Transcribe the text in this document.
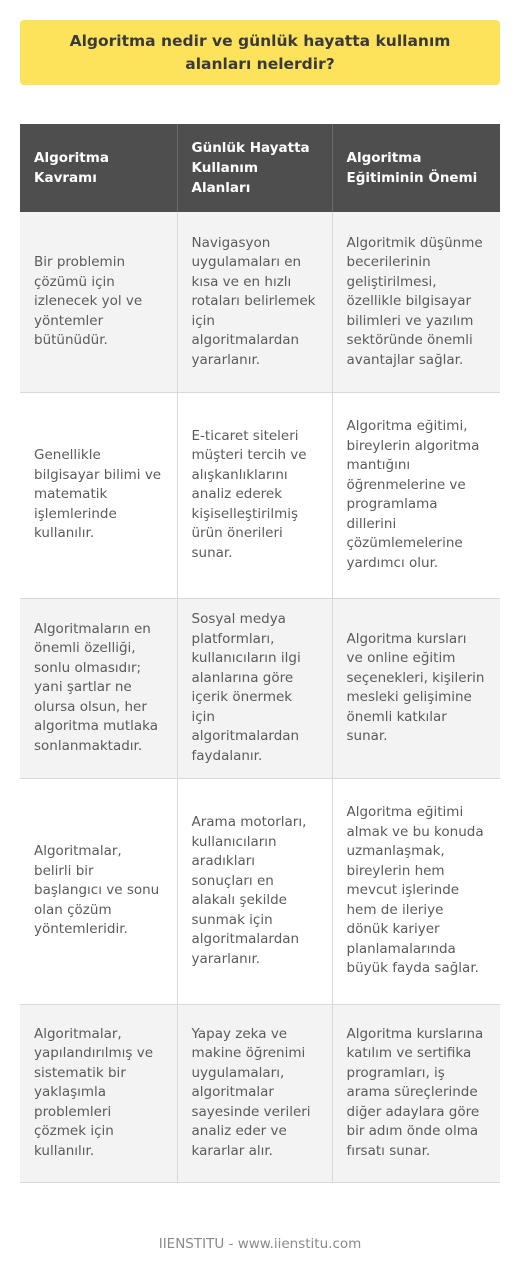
Algoritma nedir ve günlük hayatta kullanım alanları nelerdir?
Algoritma Kavramı	Günlük Hayatta Kullanım Alanları	Algoritma Eğitiminin Önemi
Bir problemin çözümü için izlenecek yol ve yöntemler bütünüdür.	Navigasyon uygulamaları en kısa ve en hızlı rotaları belirlemek için algoritmalardan yararlanır.	Algoritmik düşünme becerilerinin geliştirilmesi, özellikle bilgisayar bilimleri ve yazılım sektöründe önemli avantajlar sağlar.
Genellikle bilgisayar bilimi ve matematik işlemlerinde kullanılır.	E-ticaret siteleri müşteri tercih ve alışkanlıklarını analiz ederek kişiselleştirilmiş ürün önerileri sunar.	Algoritma eğitimi, bireylerin algoritma mantığını öğrenmelerine ve programlama dillerini çözümlemelerine yardımcı olur.
Algoritmaların en önemli özelliği, sonlu olmasıdır; yani şartlar ne olursa olsun, her algoritma mutlaka sonlanmaktadır.	Sosyal medya platformları, kullanıcıların ilgi alanlarına göre içerik önermek için algoritmalardan faydalanır.	Algoritma kursları ve online eğitim seçenekleri, kişilerin mesleki gelişimine önemli katkılar sunar.
Algoritmalar, belirli bir başlangıcı ve sonu olan çözüm yöntemleridir.	Arama motorları, kullanıcıların aradıkları sonuçları en alakalı şekilde sunmak için algoritmalardan yararlanır.	Algoritma eğitimi almak ve bu konuda uzmanlaşmak, bireylerin hem mevcut işlerinde hem de ileriye dönük kariyer planlamalarında büyük fayda sağlar.
Algoritmalar, yapılandırılmış ve sistematik bir yaklaşımla problemleri çözmek için kullanılır.	Yapay zeka ve makine öğrenimi uygulamaları, algoritmalar sayesinde verileri analiz eder ve kararlar alır.	Algoritma kurslarına katılım ve sertifika programları, iş arama süreçlerinde diğer adaylara göre bir adım önde olma fırsatı sunar.
IIENSTITU - www.iienstitu.com
